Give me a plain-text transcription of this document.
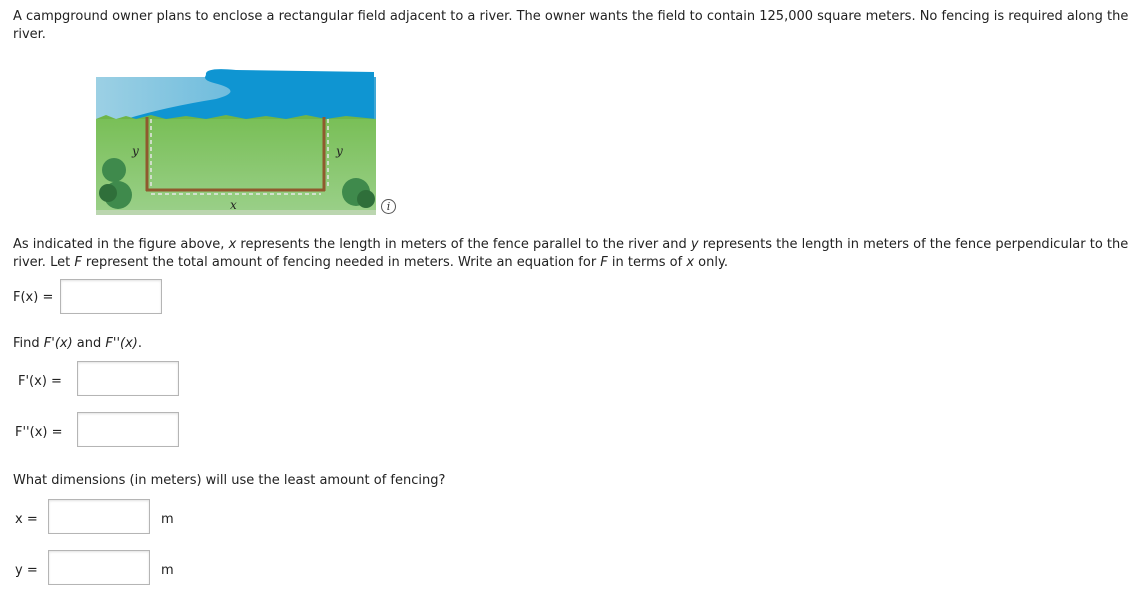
A campground owner plans to enclose a rectangular field adjacent to a river. The owner wants the field to contain 125,000 square meters. No fencing is required along the river.

y	y
x	i

As indicated in the figure above, x represents the length in meters of the fence parallel to the river and y represents the length in meters of the fence perpendicular to the river. Let F represent the total amount of fencing needed in meters. Write an equation for F in terms of x only.

F(x) =

Find F'(x) and F''(x).

F'(x) =
F''(x) =

What dimensions (in meters) will use the least amount of fencing?

x =	m
y =	m
